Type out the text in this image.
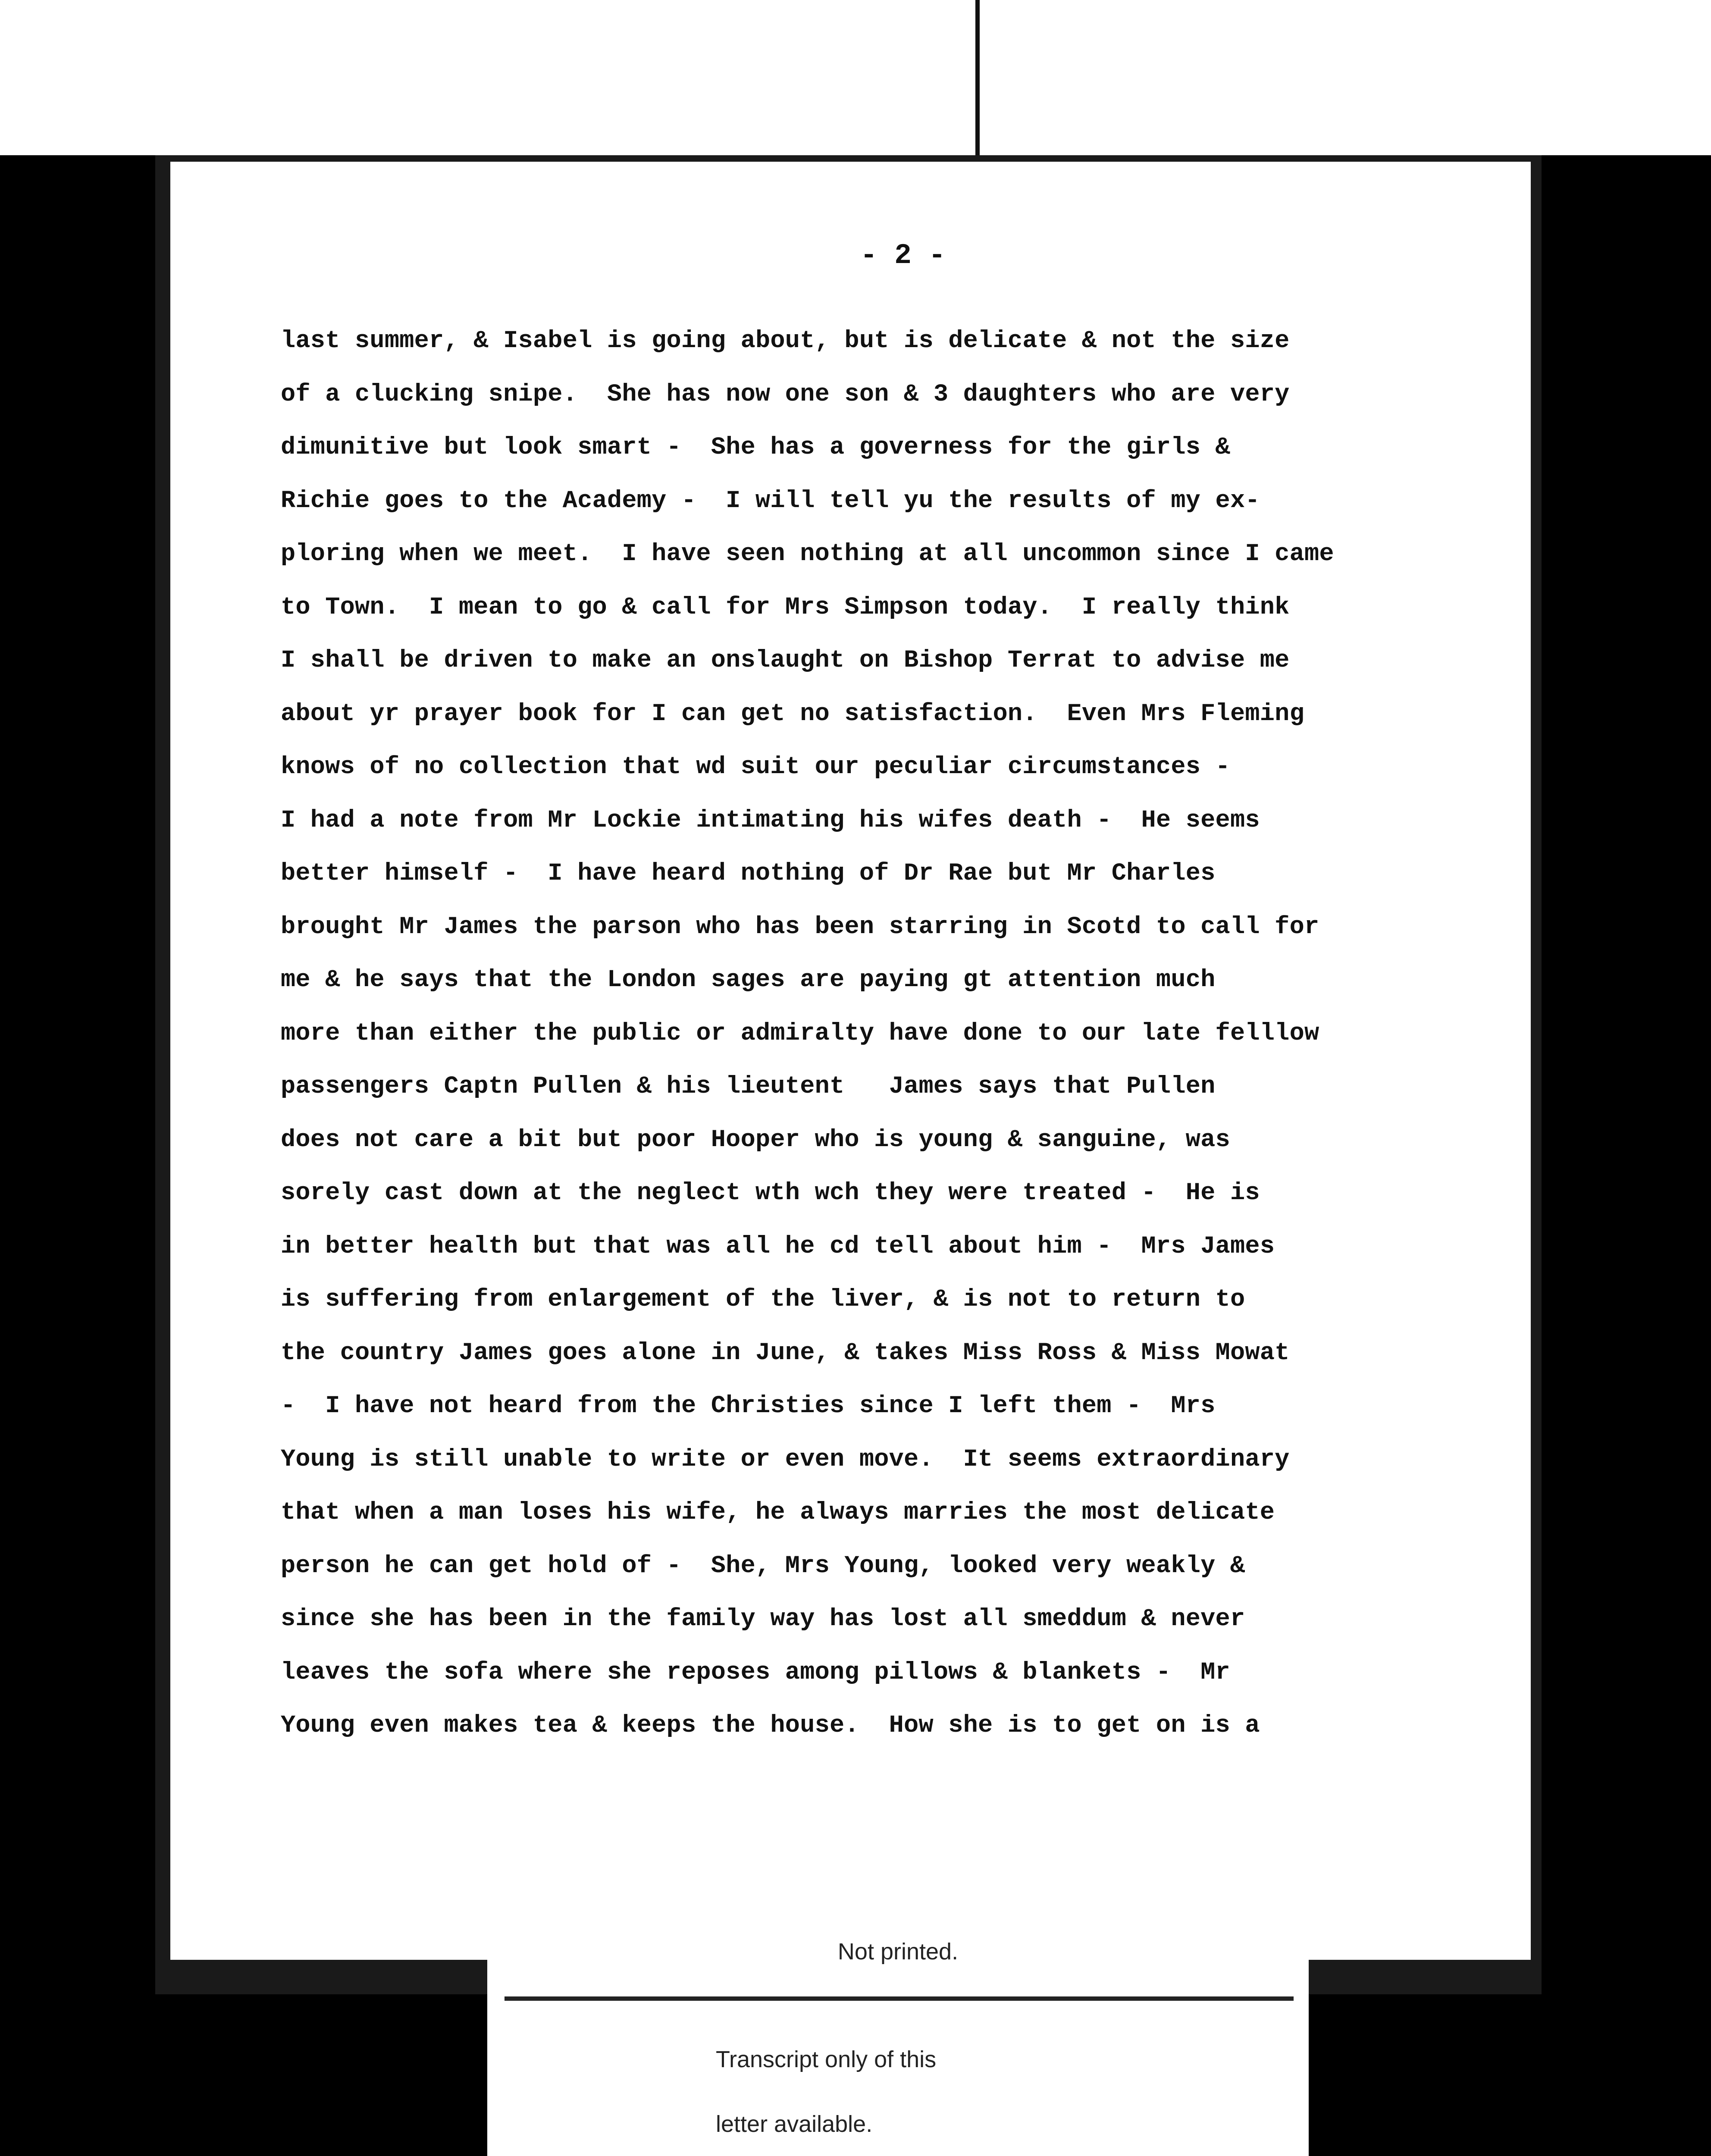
- 2 -
last summer, & Isabel is going about, but is delicate & not the size
of a clucking snipe.  She has now one son & 3 daughters who are very
dimunitive but look smart -  She has a governess for the girls &
Richie goes to the Academy -  I will tell yu the results of my ex-
ploring when we meet.  I have seen nothing at all uncommon since I came
to Town.  I mean to go & call for Mrs Simpson today.  I really think
I shall be driven to make an onslaught on Bishop Terrat to advise me
about yr prayer book for I can get no satisfaction.  Even Mrs Fleming
knows of no collection that wd suit our peculiar circumstances -
I had a note from Mr Lockie intimating his wifes death -  He seems
better himself -  I have heard nothing of Dr Rae but Mr Charles
brought Mr James the parson who has been starring in Scotd to call for
me & he says that the London sages are paying gt attention much
more than either the public or admiralty have done to our late felllow
passengers Captn Pullen & his lieutent   James says that Pullen
does not care a bit but poor Hooper who is young & sanguine, was
sorely cast down at the neglect wth wch they were treated -  He is
in better health but that was all he cd tell about him -  Mrs James
is suffering from enlargement of the liver, & is not to return to
the country James goes alone in June, & takes Miss Ross & Miss Mowat
-  I have not heard from the Christies since I left them -  Mrs
Young is still unable to write or even move.  It seems extraordinary
that when a man loses his wife, he always marries the most delicate
person he can get hold of -  She, Mrs Young, looked very weakly &
since she has been in the family way has lost all smeddum & never
leaves the sofa where she reposes among pillows & blankets -  Mr
Young even makes tea & keeps the house.  How she is to get on is a
Not printed.
Transcript only of this
letter available.
